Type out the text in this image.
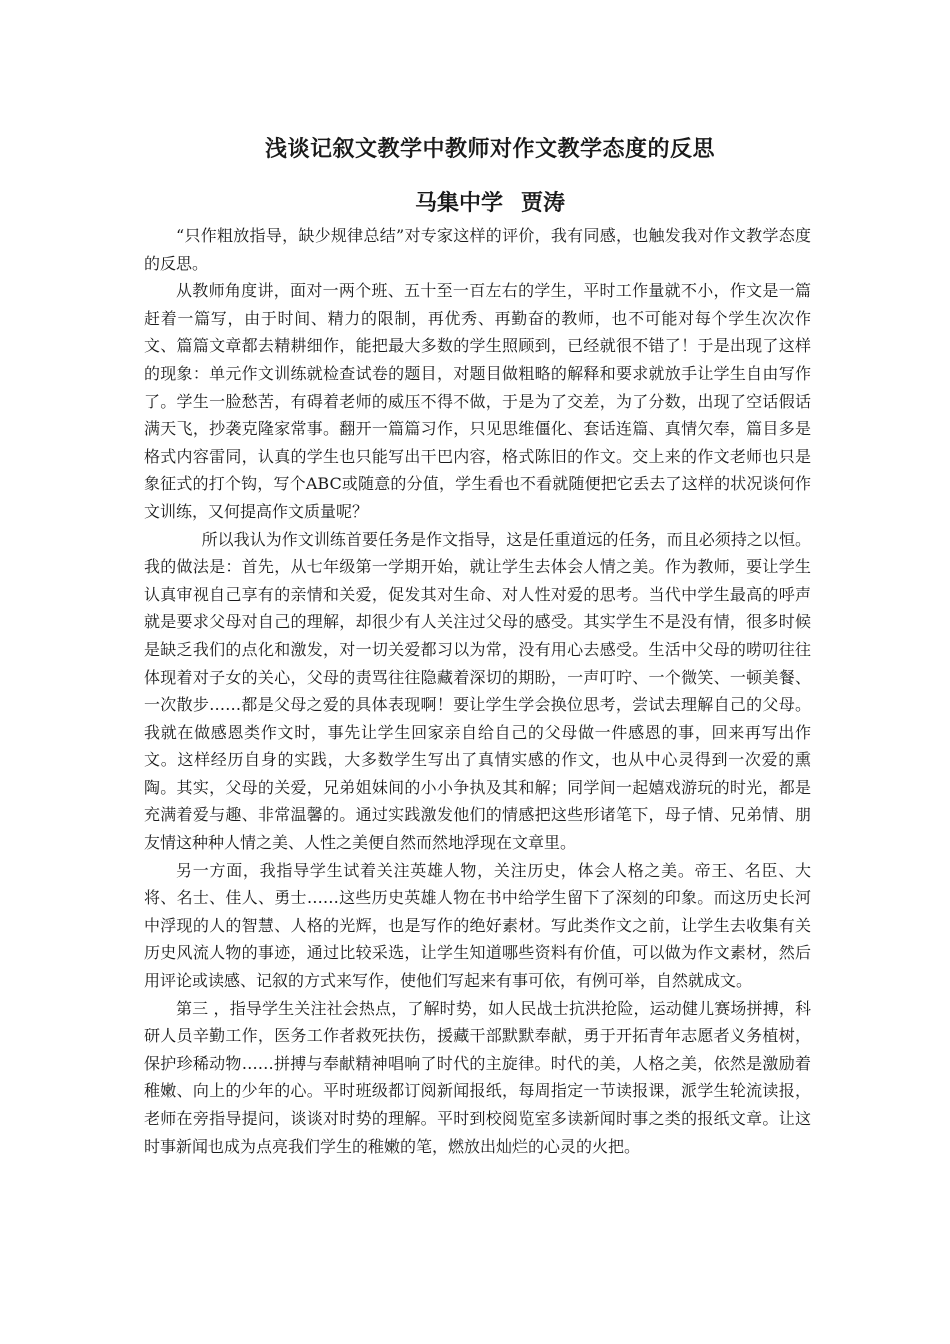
浅谈记叙文教学中教师对作文教学态度的反思
马集中学 贾涛

“只作粗放指导，缺少规律总结”对专家这样的评价，我有同感，也触发我对作文教学态度的反思。

从教师角度讲，面对一两个班、五十至一百左右的学生，平时工作量就不小，作文是一篇赶着一篇写，由于时间、精力的限制，再优秀、再勤奋的教师，也不可能对每个学生次次作文、篇篇文章都去精耕细作，能把最大多数的学生照顾到，已经就很不错了！于是出现了这样的现象：单元作文训练就检查试卷的题目，对题目做粗略的解释和要求就放手让学生自由写作了。学生一脸愁苦，有碍着老师的威压不得不做，于是为了交差，为了分数，出现了空话假话满天飞，抄袭克隆家常事。翻开一篇篇习作，只见思维僵化、套话连篇、真情欠奉，篇目多是格式内容雷同，认真的学生也只能写出干巴内容，格式陈旧的作文。交上来的作文老师也只是象征式的打个钩，写个ABC或随意的分值，学生看也不看就随便把它丢去了这样的状况谈何作文训练，又何提高作文质量呢？

所以我认为作文训练首要任务是作文指导，这是任重道远的任务，而且必须持之以恒。我的做法是：首先，从七年级第一学期开始，就让学生去体会人情之美。作为教师，要让学生认真审视自己享有的亲情和关爱，促发其对生命、对人性对爱的思考。当代中学生最高的呼声就是要求父母对自己的理解，却很少有人关注过父母的感受。其实学生不是没有情，很多时候是缺乏我们的点化和激发，对一切关爱都习以为常，没有用心去感受。生活中父母的唠叨往往体现着对子女的关心，父母的责骂往往隐藏着深切的期盼，一声叮咛、一个微笑、一顿美餐、一次散步……都是父母之爱的具体表现啊！要让学生学会换位思考，尝试去理解自己的父母。我就在做感恩类作文时，事先让学生回家亲自给自己的父母做一件感恩的事，回来再写出作文。这样经历自身的实践，大多数学生写出了真情实感的作文，也从中心灵得到一次爱的熏陶。其实，父母的关爱，兄弟姐妹间的小小争执及其和解；同学间一起嬉戏游玩的时光，都是充满着爱与趣、非常温馨的。通过实践激发他们的情感把这些形诸笔下，母子情、兄弟情、朋友情这种种人情之美、人性之美便自然而然地浮现在文章里。

另一方面，我指导学生试着关注英雄人物，关注历史，体会人格之美。帝王、名臣、大将、名士、佳人、勇士……这些历史英雄人物在书中给学生留下了深刻的印象。而这历史长河中浮现的人的智慧、人格的光辉，也是写作的绝好素材。写此类作文之前，让学生去收集有关历史风流人物的事迹，通过比较采选，让学生知道哪些资料有价值，可以做为作文素材，然后用评论或读感、记叙的方式来写作，使他们写起来有事可依，有例可举，自然就成文。

第三 ，指导学生关注社会热点，了解时势，如人民战士抗洪抢险，运动健儿赛场拼搏，科研人员辛勤工作，医务工作者救死扶伤，援藏干部默默奉献，勇于开拓青年志愿者义务植树，保护珍稀动物……拼搏与奉献精神唱响了时代的主旋律。时代的美，人格之美，依然是激励着稚嫩、向上的少年的心。平时班级都订阅新闻报纸，每周指定一节读报课，派学生轮流读报，老师在旁指导提问，谈谈对时势的理解。平时到校阅览室多读新闻时事之类的报纸文章。让这时事新闻也成为点亮我们学生的稚嫩的笔，燃放出灿烂的心灵的火把。
